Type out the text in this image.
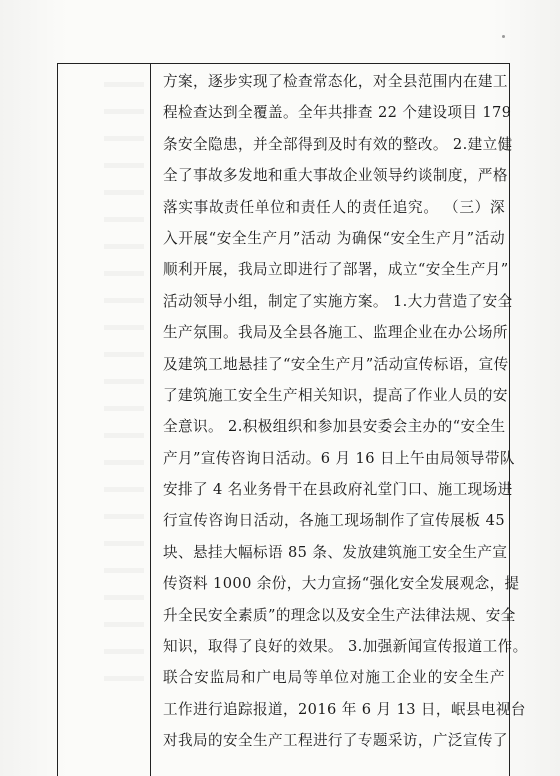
方案，逐步实现了检查常态化，对全县范围内在建工
程检查达到全覆盖。全年共排查 22 个建设项目 179
条安全隐患，并全部得到及时有效的整改。 2.建立健
全了事故多发地和重大事故企业领导约谈制度，严格
落实事故责任单位和责任人的责任追究。 （三）深
入开展“安全生产月”活动 为确保“安全生产月”活动
顺利开展，我局立即进行了部署，成立“安全生产月”
活动领导小组，制定了实施方案。 1.大力营造了安全
生产氛围。我局及全县各施工、监理企业在办公场所
及建筑工地悬挂了“安全生产月”活动宣传标语，宣传
了建筑施工安全生产相关知识，提高了作业人员的安
全意识。 2.积极组织和参加县安委会主办的“安全生
产月”宣传咨询日活动。6 月 16 日上午由局领导带队
安排了 4 名业务骨干在县政府礼堂门口、施工现场进
行宣传咨询日活动，各施工现场制作了宣传展板 45
块、悬挂大幅标语 85 条、发放建筑施工安全生产宣
传资料 1000 余份，大力宣扬“强化安全发展观念，提
升全民安全素质”的理念以及安全生产法律法规、安全
知识，取得了良好的效果。 3.加强新闻宣传报道工作。
联合安监局和广电局等单位对施工企业的安全生产
工作进行追踪报道，2016 年 6 月 13 日，岷县电视台
对我局的安全生产工程进行了专题采访，广泛宣传了
